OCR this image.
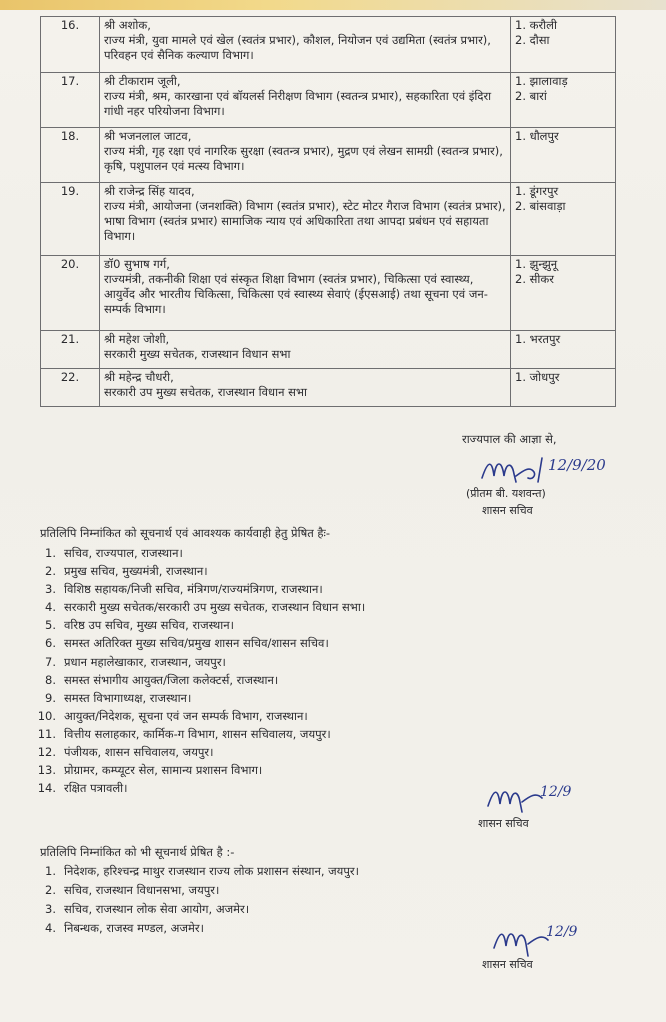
16.	श्री अशोक,
राज्य मंत्री, युवा मामले एवं खेल (स्वतंत्र प्रभार), कौशल, नियोजन एवं उद्यमिता (स्वतंत्र प्रभार), परिवहन एवं सैनिक कल्याण विभाग।	1. करौली
2. दौसा

17.	श्री टीकाराम जूली,
राज्य मंत्री, श्रम, कारखाना एवं बॉयलर्स निरीक्षण विभाग (स्वतन्त्र प्रभार), सहकारिता एवं इंदिरा गांधी नहर परियोजना विभाग।	1. झालावाड़
2. बारां

18.	श्री भजनलाल जाटव,
राज्य मंत्री, गृह रक्षा एवं नागरिक सुरक्षा (स्वतन्त्र प्रभार), मुद्रण एवं लेखन सामग्री (स्वतन्त्र प्रभार), कृषि, पशुपालन एवं मत्स्य विभाग।	1. धौलपुर

19.	श्री राजेन्द्र सिंह यादव,
राज्य मंत्री, आयोजना (जनशक्ति) विभाग (स्वतंत्र प्रभार), स्टेट मोटर गैराज विभाग (स्वतंत्र प्रभार), भाषा विभाग (स्वतंत्र प्रभार) सामाजिक न्याय एवं अधिकारिता तथा आपदा प्रबंधन एवं सहायता विभाग।	1. डूंगरपुर
2. बांसवाड़ा

20.	डॉ0 सुभाष गर्ग,
राज्यमंत्री, तकनीकी शिक्षा एवं संस्कृत शिक्षा विभाग (स्वतंत्र प्रभार), चिकित्सा एवं स्वास्थ्य, आयुर्वेद और भारतीय चिकित्सा, चिकित्सा एवं स्वास्थ्य सेवाएं (ईएसआई) तथा सूचना एवं जन-सम्पर्क विभाग।	1. झुन्झुनू
2. सीकर

21.	श्री महेश जोशी,
सरकारी मुख्य सचेतक, राजस्थान विधान सभा	1. भरतपुर

22.	श्री महेन्द्र चौधरी,
सरकारी उप मुख्य सचेतक, राजस्थान विधान सभा	1. जोधपुर
राज्यपाल की आज्ञा से,
12/9/20
(प्रीतम बी. यशवन्त)
शासन सचिव
प्रतिलिपि निम्नांकित को सूचनार्थ एवं आवश्यक कार्यवाही हेतु प्रेषित हैः-
1. सचिव, राज्यपाल, राजस्थान।
2. प्रमुख सचिव, मुख्यमंत्री, राजस्थान।
3. विशिष्ठ सहायक/निजी सचिव, मंत्रिगण/राज्यमंत्रिगण, राजस्थान।
4. सरकारी मुख्य सचेतक/सरकारी उप मुख्य सचेतक, राजस्थान विधान सभा।
5. वरिष्ठ उप सचिव, मुख्य सचिव, राजस्थान।
6. समस्त अतिरिक्त मुख्य सचिव/प्रमुख शासन सचिव/शासन सचिव।
7. प्रधान महालेखाकार, राजस्थान, जयपुर।
8. समस्त संभागीय आयुक्त/जिला कलेक्टर्स, राजस्थान।
9. समस्त विभागाध्यक्ष, राजस्थान।
10. आयुक्त/निदेशक, सूचना एवं जन सम्पर्क विभाग, राजस्थान।
11. वित्तीय सलाहकार, कार्मिक-ग विभाग, शासन सचिवालय, जयपुर।
12. पंजीयक, शासन सचिवालय, जयपुर।
13. प्रोग्रामर, कम्प्यूटर सेल, सामान्य प्रशासन विभाग।
14. रक्षित पत्रावली।	12/9
शासन सचिव
प्रतिलिपि निम्नांकित को भी सूचनार्थ प्रेषित है :-
1. निदेशक, हरिश्चन्द्र माथुर राजस्थान राज्य लोक प्रशासन संस्थान, जयपुर।
2. सचिव, राजस्थान विधानसभा, जयपुर।
3. सचिव, राजस्थान लोक सेवा आयोग, अजमेर।
4. निबन्धक, राजस्व मण्डल, अजमेर।	12/9
शासन सचिव
